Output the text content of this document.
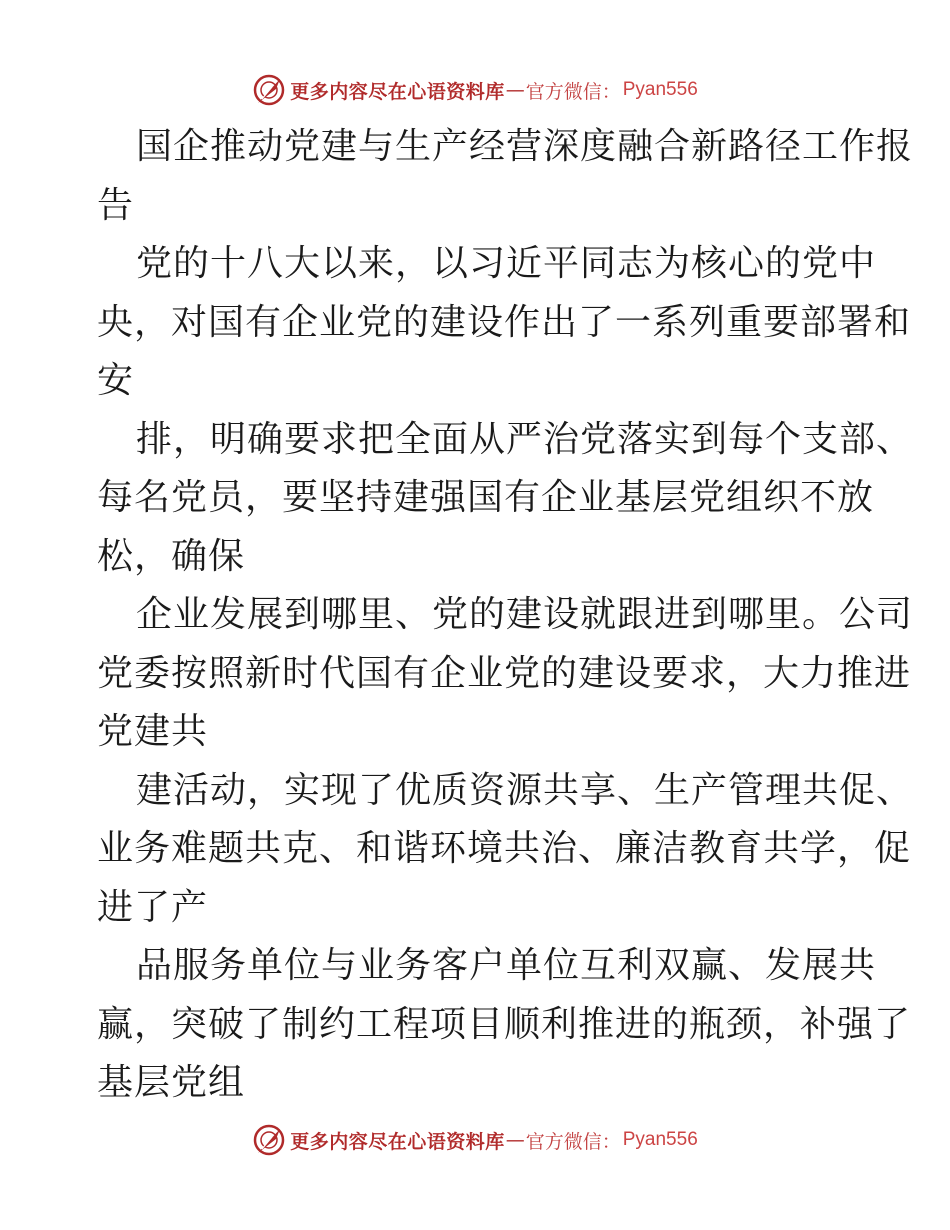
更多内容尽在心语资料库 — 官方微信： Pyan556
国企推动党建与生产经营深度融合新路径工作报
告
党的十八大以来，以习近平同志为核心的党中
央，对国有企业党的建设作出了一系列重要部署和
安
排，明确要求把全面从严治党落实到每个支部、
每名党员，要坚持建强国有企业基层党组织不放
松，确保
企业发展到哪里、党的建设就跟进到哪里。公司
党委按照新时代国有企业党的建设要求，大力推进
党建共
建活动，实现了优质资源共享、生产管理共促、
业务难题共克、和谐环境共治、廉洁教育共学，促
进了产
品服务单位与业务客户单位互利双赢、发展共
赢，突破了制约工程项目顺利推进的瓶颈，补强了
基层党组
更多内容尽在心语资料库 — 官方微信： Pyan556
